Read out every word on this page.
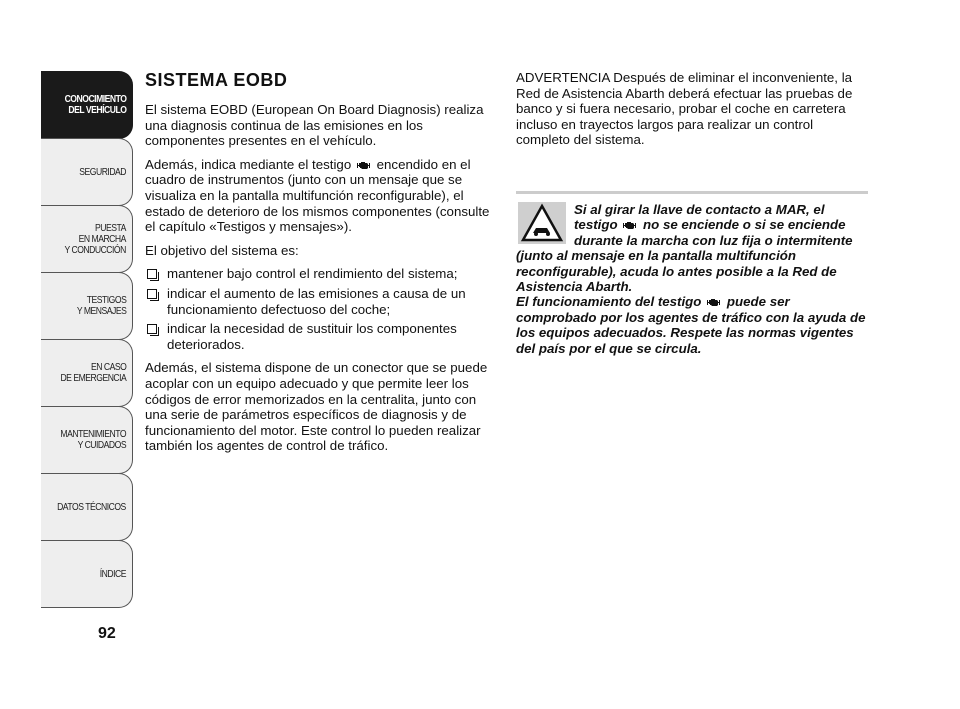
CONOCIMIENTO
DEL VEHÍCULO
SEGURIDAD
PUESTA
EN MARCHA
Y CONDUCCIÓN
TESTIGOS
Y MENSAJES
EN CASO
DE EMERGENCIA
MANTENIMIENTO
Y CUIDADOS
DATOS TÉCNICOS
ÍNDICE
92
SISTEMA EOBD

El sistema EOBD (European On Board Diagnosis) realiza una diagnosis continua de las emisiones en los componentes presentes en el vehículo.

Además, indica mediante el testigo encendido en el cuadro de instrumentos (junto con un mensaje que se visualiza en la pantalla multifunción reconfigurable), el estado de deterioro de los mismos componentes (consulte el capítulo «Testigos y mensajes»).

El objetivo del sistema es:

mantener bajo control el rendimiento del sistema;
indicar el aumento de las emisiones a causa de un funcionamiento defectuoso del coche;
indicar la necesidad de sustituir los componentes deteriorados.

Además, el sistema dispone de un conector que se puede acoplar con un equipo adecuado y que permite leer los códigos de error memorizados en la centralita, junto con una serie de parámetros específicos de diagnosis y de funcionamiento del motor. Este control lo pueden realizar también los agentes de control de tráfico.

ADVERTENCIA Después de eliminar el inconveniente, la Red de Asistencia Abarth deberá efectuar las pruebas de banco y si fuera necesario, probar el coche en carretera incluso en trayectos largos para realizar un control completo del sistema.

Si al girar la llave de contacto a MAR, el testigo no se enciende o si se enciende durante la marcha con luz fija o intermitente (junto al mensaje en la pantalla multifunción reconfigurable), acuda lo antes posible a la Red de Asistencia Abarth.

El funcionamiento del testigo puede ser comprobado por los agentes de tráfico con la ayuda de los equipos adecuados. Respete las normas vigentes del país por el que se circula.
